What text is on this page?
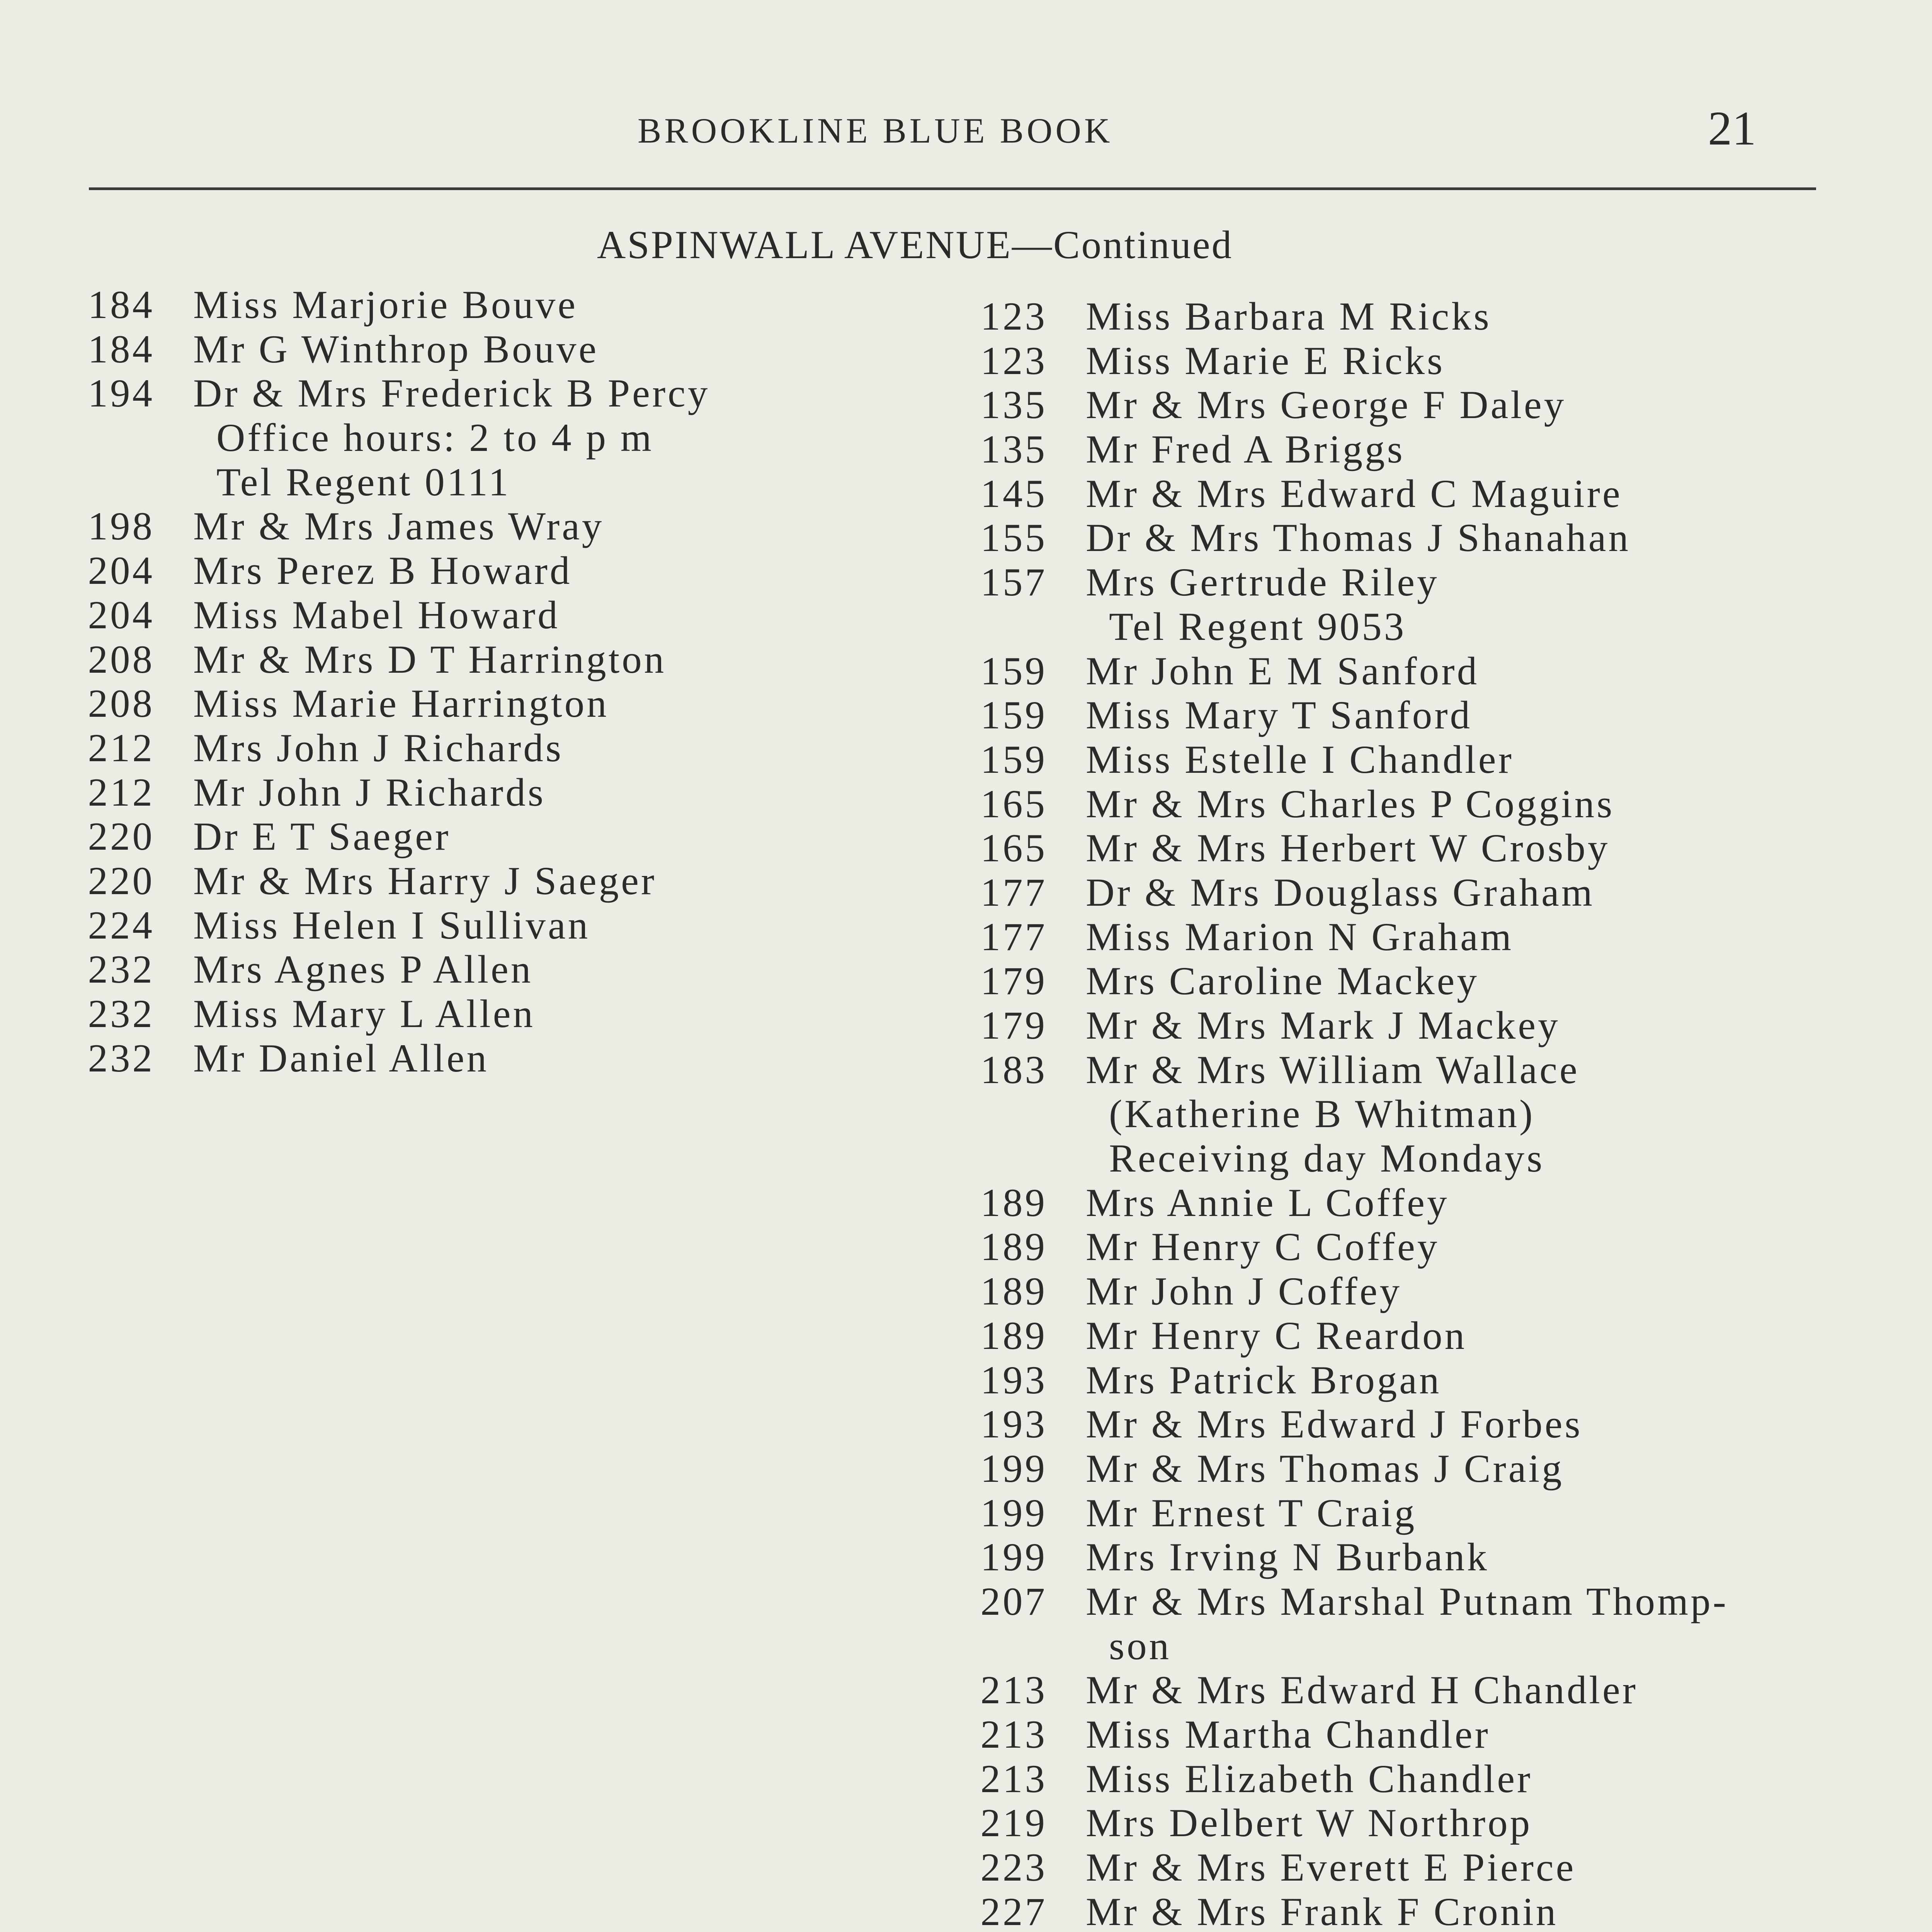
BROOKLINE BLUE BOOK	21
ASPINWALL AVENUE—Continued
184 Miss Marjorie Bouve
184 Mr G Winthrop Bouve
194 Dr & Mrs Frederick B Percy
Office hours: 2 to 4 p m
Tel Regent 0111
198 Mr & Mrs James Wray
204 Mrs Perez B Howard
204 Miss Mabel Howard
208 Mr & Mrs D T Harrington
208 Miss Marie Harrington
212 Mrs John J Richards
212 Mr John J Richards
220 Dr E T Saeger
220 Mr & Mrs Harry J Saeger
224 Miss Helen I Sullivan
232 Mrs Agnes P Allen
232 Miss Mary L Allen
232 Mr Daniel Allen
123 Miss Barbara M Ricks
123 Miss Marie E Ricks
135 Mr & Mrs George F Daley
135 Mr Fred A Briggs
145 Mr & Mrs Edward C Maguire
155 Dr & Mrs Thomas J Shanahan
157 Mrs Gertrude Riley
Tel Regent 9053
159 Mr John E M Sanford
159 Miss Mary T Sanford
159 Miss Estelle I Chandler
165 Mr & Mrs Charles P Coggins
165 Mr & Mrs Herbert W Crosby
177 Dr & Mrs Douglass Graham
177 Miss Marion N Graham
179 Mrs Caroline Mackey
179 Mr & Mrs Mark J Mackey
183 Mr & Mrs William Wallace
(Katherine B Whitman)
Receiving day Mondays
189 Mrs Annie L Coffey
189 Mr Henry C Coffey
189 Mr John J Coffey
189 Mr Henry C Reardon
193 Mrs Patrick Brogan
193 Mr & Mrs Edward J Forbes
199 Mr & Mrs Thomas J Craig
199 Mr Ernest T Craig
199 Mrs Irving N Burbank
207 Mr & Mrs Marshal Putnam Thomp-
son
213 Mr & Mrs Edward H Chandler
213 Miss Martha Chandler
213 Miss Elizabeth Chandler
219 Mrs Delbert W Northrop
223 Mr & Mrs Everett E Pierce
227 Mr & Mrs Frank F Cronin
